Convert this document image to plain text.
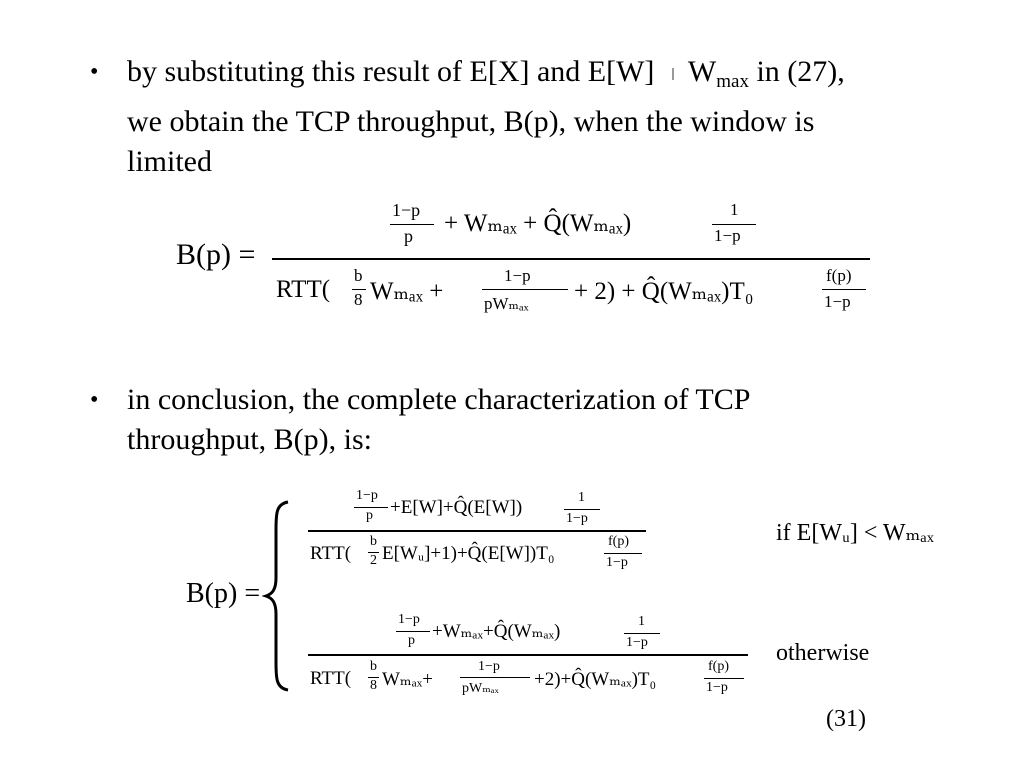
• by substituting this result of E[X] and E[W] $W_{max}$ in (27),
we obtain the TCP throughput, B(p), when the window is
limited
B(p) =
1−p
p + Wₘₐₓ + Q̂(Wₘₐₓ)
1
1−p
RTT(
b
8 Wₘₐₓ +
1−p
pWₘₐₓ + 2) + Q̂(Wₘₐₓ)T₀
f(p)
1−p
• in conclusion, the complete characterization of TCP
throughput, B(p), is:
B(p) =
1−p
p +E[W]+Q̂(E[W])	1
1−p
RTT(
b
2 E[Wᵤ]+1)+Q̂(E[W])T₀
f(p)
1−p
if E[Wᵤ] < Wₘₐₓ
1−p
p +Wₘₐₓ+Q̂(Wₘₐₓ)	1
1−p
RTT(
b
8 Wₘₐₓ+
1−p
pWₘₐₓ +2)+Q̂(Wₘₐₓ)T₀
f(p)
1−p
otherwise
(31)
